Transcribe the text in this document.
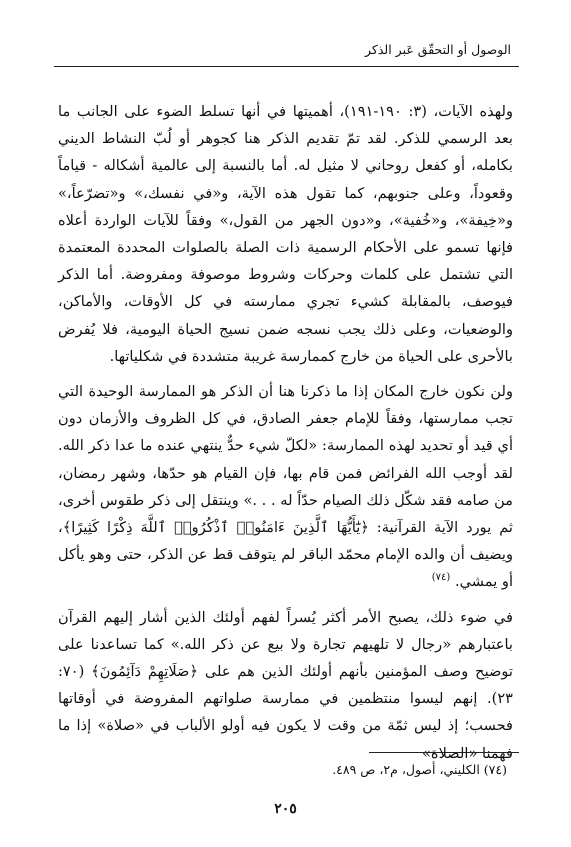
الوصول أو التحقّق عَبر الذكر

ولهذه الآيات، (٣: ١٩٠-١٩١)، أهميتها في أنها تسلط الضوء على الجانب ما بعد الرسمي للذكر. لقد تمّ تقديم الذكر هنا كجوهر أو لُبّ النشاط الديني بكامله، أو كفعل روحاني لا مثيل له. أما بالنسبة إلى عالمية أشكاله - قياماً وقعوداً، وعلى جنوبهم، كما تقول هذه الآية، و«في نفسك،» و«تضرّعاً،» و«خِيفة»، و«خُفية»، و«دون الجهر من القول،» وفقاً للآيات الواردة أعلاه فإنها تسمو على الأحكام الرسمية ذات الصلة بالصلوات المحددة المعتمدة التي تشتمل على كلمات وحركات وشروط موصوفة ومفروضة. أما الذكر فيوصف، بالمقابلة كشيء تجري ممارسته في كل الأوقات، والأماكن، والوضعيات، وعلى ذلك يجب نسجه ضمن نسيج الحياة اليومية، فلا يُفرض بالأحرى على الحياة من خارج كممارسة غريبة متشددة في شكلياتها.

ولن نكون خارج المكان إذا ما ذكرنا هنا أن الذكر هو الممارسة الوحيدة التي تجب ممارستها، وفقاً للإمام جعفر الصادق، في كل الظروف والأزمان دون أي قيد أو تحديد لهذه الممارسة: «لكلّ شيء حدٌّ ينتهي عنده ما عدا ذكر الله. لقد أوجب الله الفرائض فمن قام بها، فإن القيام هو حدّها، وشهر رمضان، من صامه فقد شكّل ذلك الصيام حدّاً له . . .» وينتقل إلى ذكر طقوس أخرى، ثم يورد الآية القرآنية: ﴿يَٰٓأَيُّهَا ٱلَّذِينَ ءَامَنُوا۟ ٱذْكُرُوا۟ ٱللَّهَ ذِكْرًا كَثِيرًا﴾، ويضيف أن والده الإمام محمّد الباقر لم يتوقف قط عن الذكر، حتى وهو يأكل أو يمشي. $^{(٧٤)}$

في ضوء ذلك، يصبح الأمر أكثر يُسراً لفهم أولئك الذين أشار إليهم القرآن باعتبارهم «رجال لا تلهيهم تجارة ولا بيع عن ذكر الله.» كما تساعدنا على توضيح وصف المؤمنين بأنهم أولئك الذين هم على ﴿صَلَاتِهِمْ دَآئِمُونَ﴾ (٧٠: ٢٣). إنهم ليسوا منتظمين في ممارسة صلواتهم المفروضة في أوقاتها فحسب؛ إذ ليس ثمّة من وقت لا يكون فيه أولو الألباب في «صلاة» إذا ما فهمنا «الصلاة»

(٧٤) الكليني، أصول، م٢، ص ٤٨٩.
٢٠٥
